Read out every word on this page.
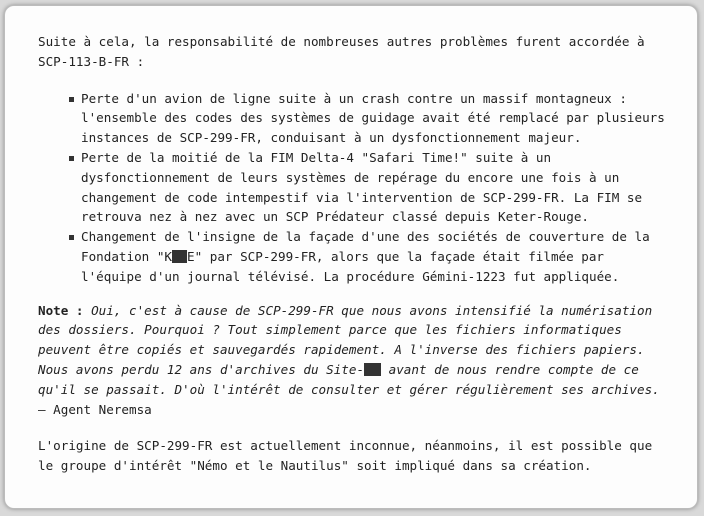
Suite à cela, la responsabilité de nombreuses autres problèmes furent accordée à SCP-113-B-FR :

Perte d'un avion de ligne suite à un crash contre un massif montagneux : l'ensemble des codes des systèmes de guidage avait été remplacé par plusieurs instances de SCP-299-FR, conduisant à un dysfonctionnement majeur.
Perte de la moitié de la FIM Delta-4 "Safari Time!" suite à un dysfonctionnement de leurs systèmes de repérage du encore une fois à un changement de code intempestif via l'intervention de SCP-299-FR. La FIM se retrouva nez à nez avec un SCP Prédateur classé depuis Keter-Rouge.
Changement de l'insigne de la façade d'une des sociétés de couverture de la Fondation "K E" par SCP-299-FR, alors que la façade était filmée par l'équipe d'un journal télévisé. La procédure Gémini-1223 fut appliquée.

Note : Oui, c'est à cause de SCP-299-FR que nous avons intensifié la numérisation des dossiers. Pourquoi ? Tout simplement parce que les fichiers informatiques peuvent être copiés et sauvegardés rapidement. A l'inverse des fichiers papiers. Nous avons perdu 12 ans d'archives du Site- avant de nous rendre compte de ce qu'il se passait. D'où l'intérêt de consulter et gérer régulièrement ses archives. – Agent Neremsa

L'origine de SCP-299-FR est actuellement inconnue, néanmoins, il est possible que le groupe d'intérêt "Némo et le Nautilus" soit impliqué dans sa création.
